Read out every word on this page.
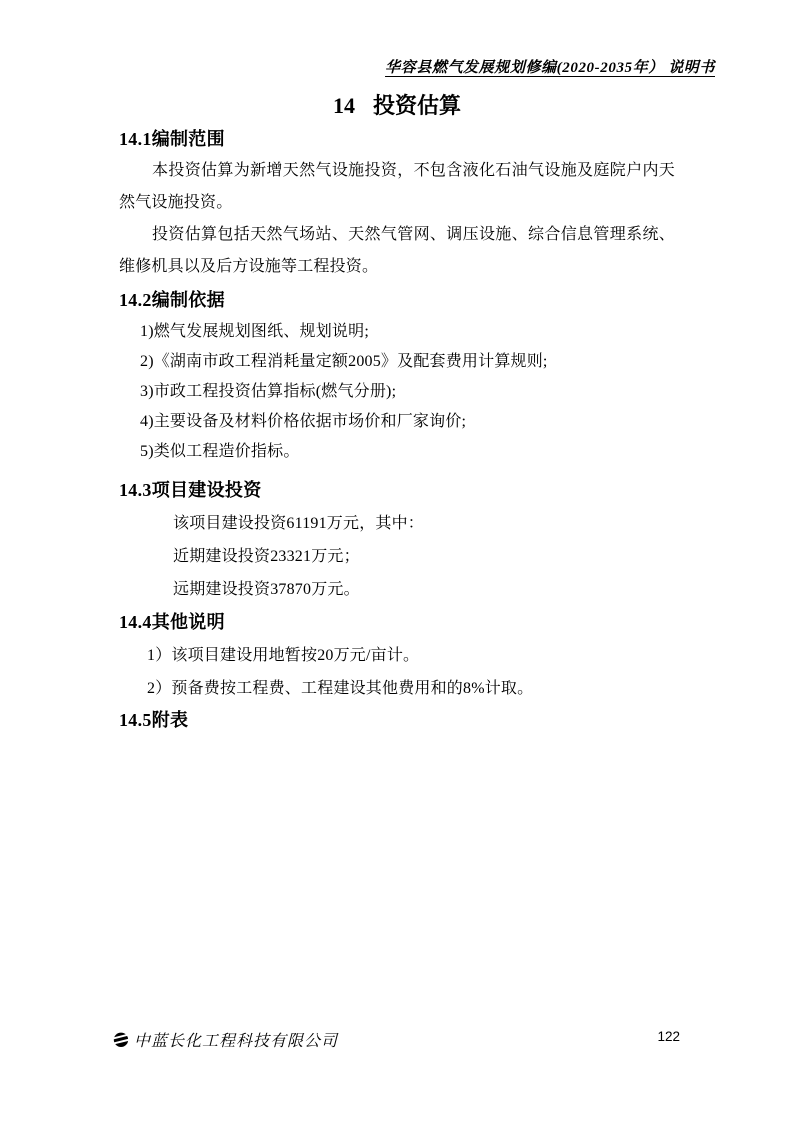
华容县燃气发展规划修编(2020-2035年） 说明书
14 投资估算
14.1编制范围

本投资估算为新增天然气设施投资，不包含液化石油气设施及庭院户内天然气设施投资。

投资估算包括天然气场站、天然气管网、调压设施、综合信息管理系统、维修机具以及后方设施等工程投资。

14.2编制依据
1)燃气发展规划图纸、规划说明;
2)《湖南市政工程消耗量定额2005》及配套费用计算规则;
3)市政工程投资估算指标(燃气分册);
4)主要设备及材料价格依据市场价和厂家询价;
5)类似工程造价指标。
14.3项目建设投资
该项目建设投资61191万元，其中：
近期建设投资23321万元；
远期建设投资37870万元。
14.4其他说明
1）该项目建设用地暂按20万元/亩计。
2）预备费按工程费、工程建设其他费用和的8%计取。
14.5附表
中蓝长化工程科技有限公司	122
